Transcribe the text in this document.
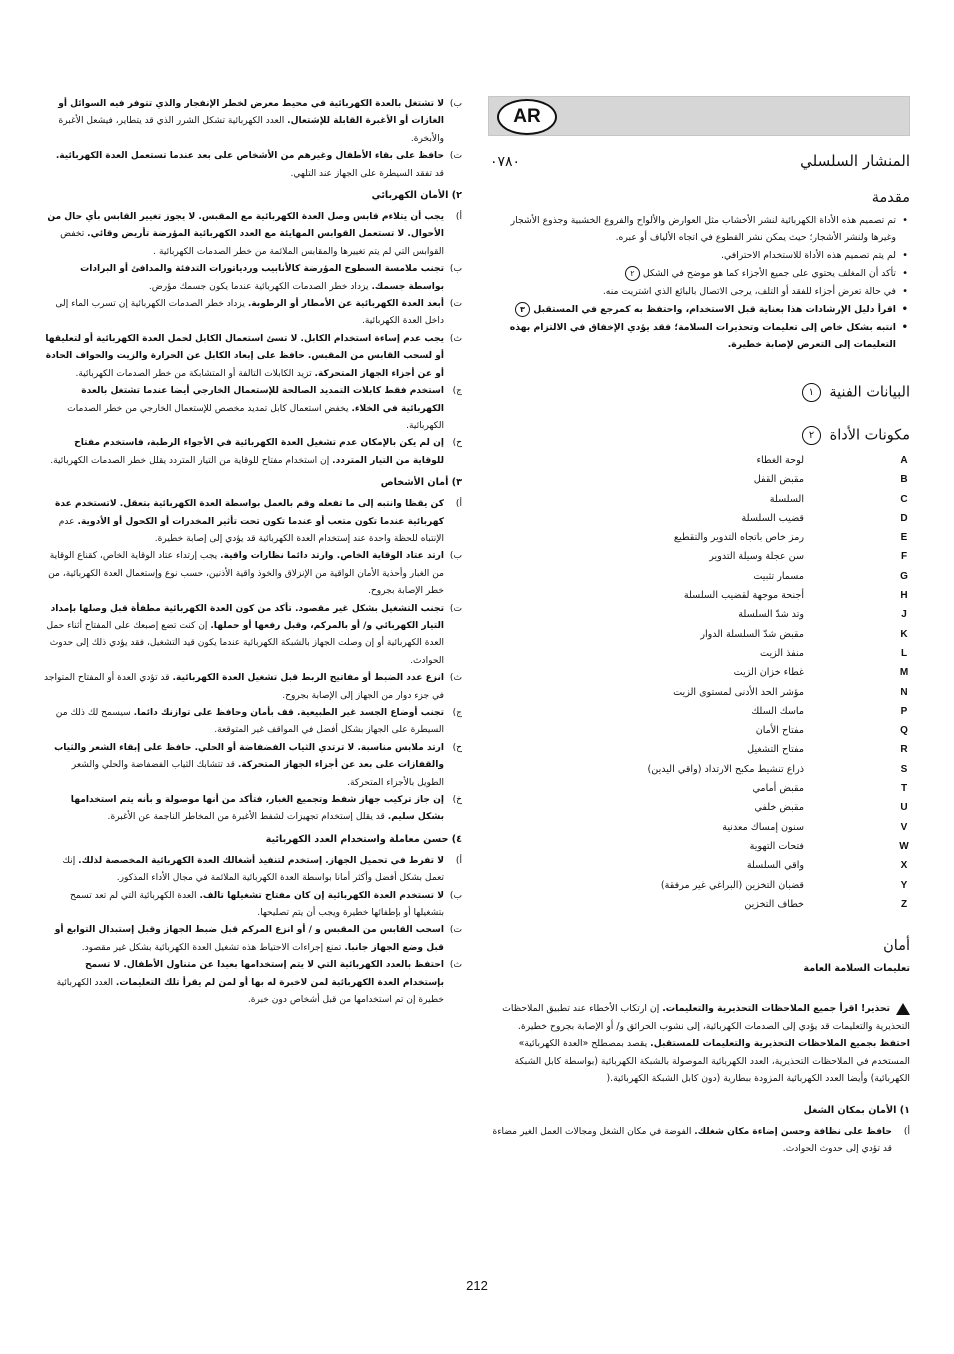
AR
المنشار السلسلي
٠٧٨٠
مقدمة
• تم تصميم هذه الأداة الكهربائية لنشر الأخشاب مثل العوارض والألواح والفروع الخشبية وجذوع الأشجار وغيرها ولنشر الأشجار؛ حيث يمكن نشر القطوع في اتجاه الألياف أو عبره.
• لم يتم تصميم هذه الأداة للاستخدام الاحترافي.
• تأكد أن المغلف يحتوي على جميع الأجزاء كما هو موضح في الشكل ٢
• في حالة تعرض أجزاء للفقد أو التلف، يرجى الاتصال بالبائع الذي اشتريت منه.
• اقرأ دليل الإرشادات هذا بعناية قبل الاستخدام، واحتفظ به كمرجع في المستقبل ٣
• انتبه بشكل خاص إلى تعليمات وتحذيرات السلامة؛ فقد يؤدي الإخفاق في الالتزام بهذه التعليمات إلى التعرض لإصابة خطيرة.
البيانات الفنية ١
مكونات الأداة ٢
A
لوحة الغطاء
B
مقبض القفل
C
السلسلة
D
قضيب السلسلة
E
رمز خاص باتجاه التدوير والتقطيع
F
سن عجلة وسيلة التدوير
G
مسمار تثبيت
H
أجنحة موجهة لقضيب السلسلة
J
وتد شدّ السلسلة
K
مقبض شدّ السلسلة الدوار
L
منفذ الزيت
M
غطاء خزان الزيت
N
مؤشر الحد الأدنى لمستوى الزيت
P
ماسك السلك
Q
مفتاح الأمان
R
مفتاح التشغيل
S
ذراع تنشيط مكبح الارتداد (واقي اليدين)
T
مقبض أمامي
U
مقبض خلفي
V
سنون إمساك معدنية
W
فتحات التهوية
X
واقي السلسلة
Y
قضبان التخزين (البراغي غير مرفقة)
Z
خطاف التخزين
أمان
تعليمات السلامة العامة
تحذير! اقرأ جميع الملاحظات التحذيرية والتعليمات. إن ارتكاب الأخطاء عند تطبيق الملاحظات التحذيرية والتعليمات قد يؤدي إلى الصدمات الكهربائية، إلى نشوب الحرائق و/ أو الإصابة بجروح خطيرة. احتفظ بجميع الملاحظات التحذيرية والتعليمات للمستقبل. يقصد بمصطلح «العدة الكهربائية» المستخدم في الملاحظات التحذيرية، العدد الكهربائية الموصولة بالشبكة الكهربائية (بواسطة كابل الشبكة الكهربائية) وأيضا العدد الكهربائية المزودة ببطارية (دون كابل الشبكة الكهربائية.(
١) الأمان بمكان الشغل
أ)
حافظ على نظافة وحسن إضاءة مكان شغلك. الفوضة في مكان الشغل ومجالات العمل الغير مضاءة قد تؤدي إلى حدوث الحوادث.
ب)
لا تشتغل بالعدة الكهربائية في محيط معرض لخطر الإنفجار والذي تتوفر فيه السوائل أو الغازات أو الأغبرة القابلة للإشتعال. العدد الكهربائية تشكل الشرر الذي قد يتطاير، فيشعل الأغبرة والأبخرة.
ت)
حافظ على بقاء الأطفال وغيرهم من الأشخاص على بعد عندما تستعمل العدة الكهربائية. قد تفقد السيطرة على الجهاز عند التلهي.
٢) الأمان الكهربائي
أ)
يجب أن يتلاءم قابس وصل العدة الكهربائية مع المقبس. لا يجوز تغيير القابس بأي حال من الأحوال. لا تستعمل القوابس المهايئة مع العدد الكهربائية المؤرضة تأريض وقائي. تخفض القوابس التي لم يتم تغييرها والمقابس الملائمة من خطر الصدمات الكهربائية .
ب)
تجنب ملامسة السطوح المؤرضة كالأنابيب وردياتورات التدفئة والمدافئ أو البرادات بواسطة جسمك. يزداد خطر الصدمات الكهربائية عندما يكون جسمك مؤرض.
ت)
أبعد العدة الكهربائية عن الأمطار أو الرطوبة. يزداد خطر الصدمات الكهربائية إن تسرب الماء إلى داخل العدة الكهربائية.
ث)
يجب عدم إساءة استخدام الكابل. لا تسئ استعمال الكابل لحمل العدة الكهربائية أو لتعليقها أو لسحب القابس من المقبس. حافظ على إبعاد الكابل عن الحرارة والزيت والحواف الحادة أو عن أجزاء الجهاز المتحركة. تزيد الكابلات التالفة أو المتشابكة من خطر الصدمات الكهربائية.
ج)
استخدم فقط كابلات التمديد الصالحة للإستعمال الخارجي أيضا عندما تشتغل بالعدة الكهربائية في الخلاء. يخفض استعمال كابل تمديد مخصص للإستعمال الخارجي من خطر الصدمات الكهربائية.
ح)
إن لم يكن بالإمكان عدم تشغيل العدة الكهربائية في الأجواء الرطبة، فاستخدم مفتاح للوقاية من التيار المتردد. إن استخدام مفتاح للوقاية من التيار المتردد يقلل خطر الصدمات الكهربائية.
٣) أمان الأشخاص
أ)
كن يقظا وانتبه إلى ما تفعله وقم بالعمل بواسطة العدة الكهربائية بتعقل. لاتستخدم عدة كهربائية عندما تكون متعب أو عندما تكون تحت تأثير المخدرات أو الكحول أو الأدوية. عدم الإنتباه للحظة واحدة عند إستخدام العدة الكهربائية قد يؤدي إلى إصابة خطيرة.
ب)
ارتد عتاد الوقاية الخاص. وارتد دائما نظارات واقية. يجب إرتداء عتاد الوقاية الخاص، كقناع الوقاية من الغبار وأحذية الأمان الواقية من الإنزلاق والخوذ واقية الأذنين، حسب نوع وإستعمال العدة الكهربائية، من خطر الإصابة بجروح.
ت)
تجنب التشغيل بشكل غير مقصود. تأكد من كون العدة الكهربائية مطفأة قبل وصلها بإمداد التيار الكهربائي و/ أو بالمركم، وقبل رفعها أو حملها. إن كنت تضع إصبعك على المفتاح أثناء حمل العدة الكهربائية أو إن وصلت الجهاز بالشبكة الكهربائية عندما يكون قيد التشغيل، فقد يؤدي ذلك إلى حدوث الحوادث.
ث)
انزع عدد الضبط أو مفاتيح الربط قبل تشغيل العدة الكهربائية. قد تؤدي العدة أو المفتاح المتواجد في جزء دوار من الجهاز إلى الإصابة بجروح.
ج)
تجنب أوضاع الجسد غير الطبيعية. قف بأمان وحافظ على توازنك دائما. سيسمح لك ذلك من السيطرة على الجهاز بشكل أفضل في المواقف غير المتوقعة.
ح)
ارتد ملابس مناسبة. لا ترتدي الثياب الفضفاضة أو الحلي. حافظ على إبقاء الشعر والثياب والقفازات على بعد عن أجزاء الجهاز المتحركة. قد تتشابك الثياب الفضفاضة والحلي والشعر الطويل بالأجزاء المتحركة.
خ)
إن جاز تركيب جهاز شفط وتجميع الغبار، فتأكد من أنها موصولة و بأنه يتم استخدامها بشكل سليم. قد يقلل إستخدام تجهيزات لشفط الأغبرة من المخاطر الناجمة عن الأغبرة.
٤) حسن معاملة واستخدام العدد الكهربائية
أ)
لا تفرط في تحميل الجهاز. إستخدم لتنفيذ أشغالك العدة الكهربائية المخصصة لذلك. إنك تعمل بشكل أفضل وأكثر أمانا بواسطة العدة الكهربائية الملائمة في مجال الأداء المذكور.
ب)
لا تستخدم العدة الكهربائية إن كان مفتاح تشغيلها تالف. العدة الكهربائية التي لم تعد تسمح بتشغيلها أو بإطفائها خطيرة ويجب أن يتم تصليحها.
ت)
اسحب القابس من المقبس و / أو انزع المركم قبل ضبط الجهاز وقبل إستبدال التوابع أو قبل وضع الجهاز جانبا. تمنع إجراءات الاحتياط هذه تشغيل العدة الكهربائية بشكل غير مقصود.
ث)
احتفظ بالعدد الكهربائية التي لا يتم إستخدامها بعيدا عن متناول الأطفال. لا تسمح بإستخدام العدة الكهربائية لمن لاخبرة له بها أو لمن لم يقرأ تلك التعليمات. العدد الكهربائية خطيرة إن تم استخدامها من قبل أشخاص دون خبرة.
212
